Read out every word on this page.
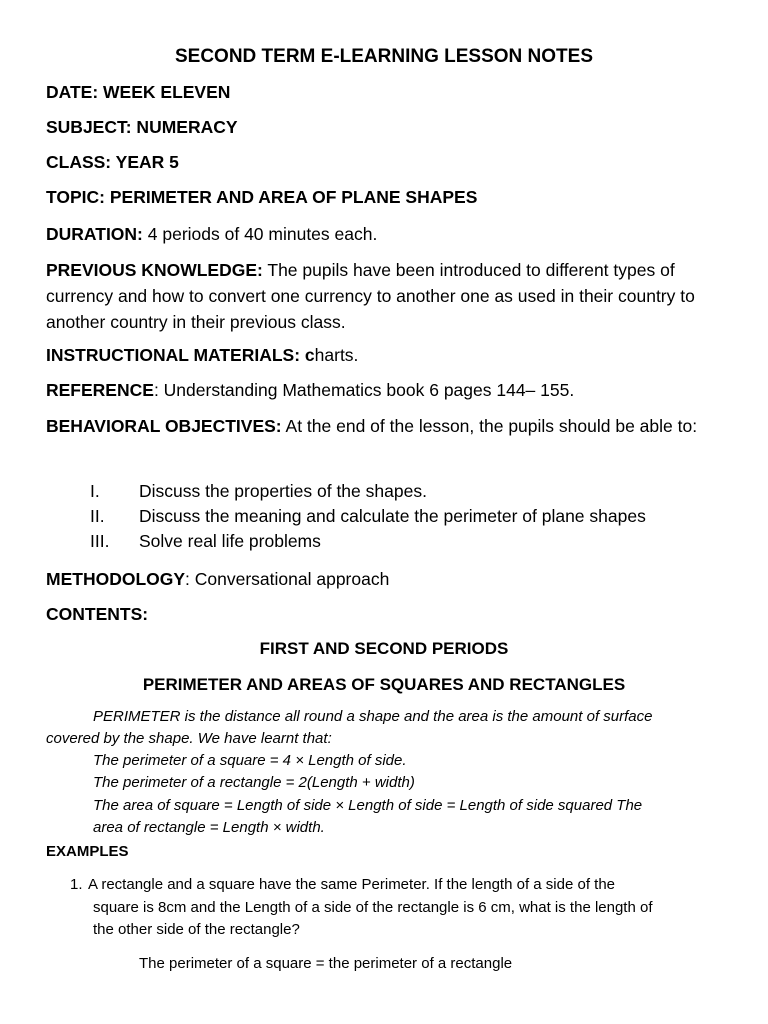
SECOND TERM E-LEARNING LESSON NOTES
DATE: WEEK ELEVEN
SUBJECT: NUMERACY
CLASS: YEAR 5
TOPIC: PERIMETER AND AREA OF PLANE SHAPES
DURATION: 4 periods of 40 minutes each.
PREVIOUS KNOWLEDGE: The pupils have been introduced to different types of currency and how to convert one currency to another one as used in their country to another country in their previous class.
INSTRUCTIONAL MATERIALS: charts.
REFERENCE: Understanding Mathematics book 6 pages 144– 155.
BEHAVIORAL OBJECTIVES: At the end of the lesson, the pupils should be able to:
I. Discuss the properties of the shapes.
II. Discuss the meaning and calculate the perimeter of plane shapes
III. Solve real life problems
METHODOLOGY: Conversational approach
CONTENTS:
FIRST AND SECOND PERIODS
PERIMETER AND AREAS OF SQUARES AND RECTANGLES
PERIMETER is the distance all round a shape and the area is the amount of surface
covered by the shape. We have learnt that:
The perimeter of a square = 4 × Length of side.
The perimeter of a rectangle = 2(Length + width)
The area of square = Length of side × Length of side = Length of side squared The
area of rectangle = Length × width.
EXAMPLES
1. A rectangle and a square have the same Perimeter. If the length of a side of the
square is 8cm and the Length of a side of the rectangle is 6 cm, what is the length of
the other side of the rectangle?
The perimeter of a square = the perimeter of a rectangle
